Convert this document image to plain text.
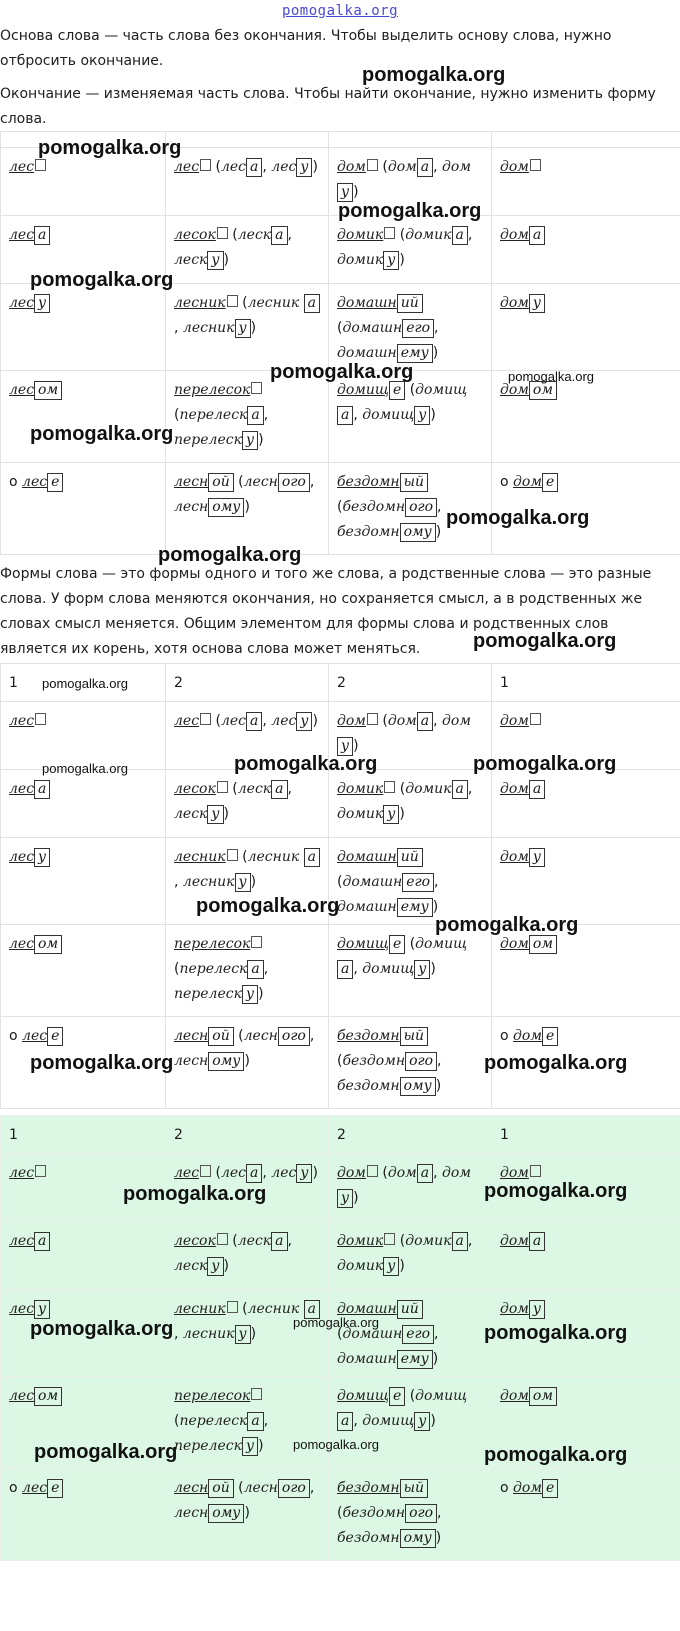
pomogalka.org
Основа слова — часть слова без окончания. Чтобы выделить основу слова, нужно отбросить окончание.
Окончание — изменяемая часть слова. Чтобы найти окончание, нужно изменить форму слова.

лес	лес (лес а , лес у )	дом (дом а , дом у )	дом
лес а	лесок (леск а , леск у )	домик (домик а , домик у )	дом а
лес у	лесник (лесник а, лесник у )	домашн ий (домашн его , домашн ему )	дом у
лес ом	перелесок (перелеск а , перелеск у )	домищ е (домищ а , домищ у )	дом ом
о лес е	лесн ой (лесн ого , лесн ому )	бездомн ый (бездомн ого , бездомн ому )	о дом е
Формы слова — это формы одного и того же слова, а родственные слова — это разные слова. У форм слова меняются окончания, но сохраняется смысл, а в родственных же словах смысл меняется. Общим элементом для формы слова и родственных слов является их корень, хотя основа слова может меняться.
1	2	2	1
лес	лес (лес а , лес у )	дом (дом а , дом у )	дом
лес а	лесок (леск а , леск у )	домик (домик а , домик у )	дом а
лес у	лесник (лесник а, лесник у )	домашн ий (домашн его , домашн ему )	дом у
лес ом	перелесок (перелеск а , перелеск у )	домищ е (домищ а , домищ у )	дом ом
о лес е	лесн ой (лесн ого , лесн ому )	бездомн ый (бездомн ого , бездомн ому )	о дом е
1	2	2	1
лес	лес (лес а , лес у )	дом (дом а , дом у )	дом
лес а	лесок (леск а , леск у )	домик (домик а , домик у )	дом а
лес у	лесник (лесник а, лесник у )	домашн ий (домашн его , домашн ему )	дом у
лес ом	перелесок (перелеск а , перелеск у )	домищ е (домищ а , домищ у )	дом ом
о лес е	лесн ой (лесн ого , лесн ому )	бездомн ый (бездомн ого , бездомн ому )	о дом е
pomogalka.org
pomogalka.org
pomogalka.org
pomogalka.org
pomogalka.org	pomogalka.org
pomogalka.org
pomogalka.org
pomogalka.org
pomogalka.org
pomogalka.org
pomogalka.org	pomogalka.org
pomogalka.org
pomogalka.org
pomogalka.org
pomogalka.org	pomogalka.org
pomogalka.org	pomogalka.org
pomogalka.org	pomogalka.org	pomogalka.org
pomogalka.org	pomogalka.org	pomogalka.org
